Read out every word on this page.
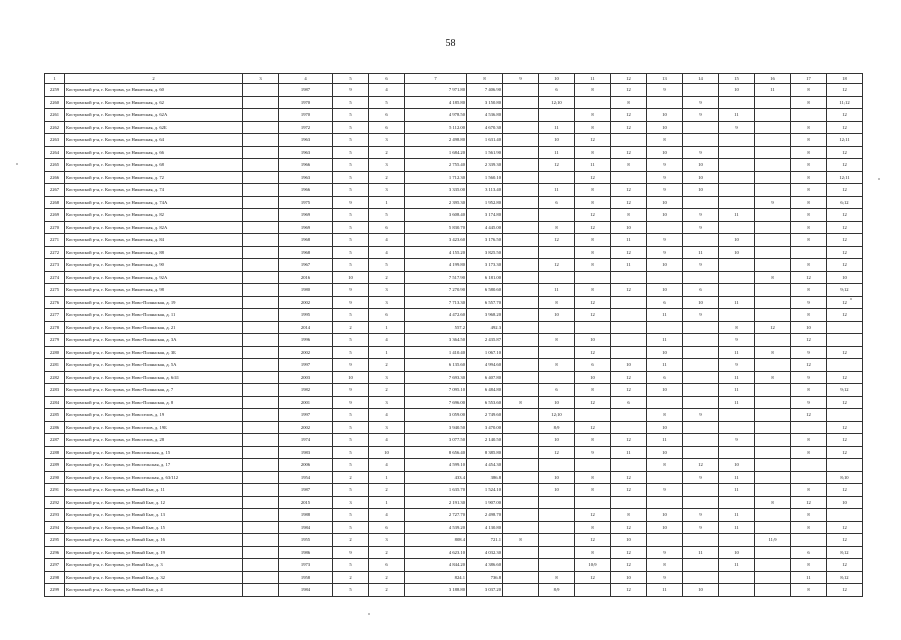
58
1	2	3	4	5	6	7	8	9	10	11	12	13	14	15	16	17	18
2259	Костромской р-н, г. Кострома, ул Никитская, д. 60		1987	9	4	7 971.80	7 406.90		6	8	12	9		10	11	8	12
2260	Костромской р-н, г. Кострома, ул Никитская, д. 62		1970	5	5	4 185.80	3 150.80		12;10		8		9			8	11;12
2261	Костромской р-н, г. Кострома, ул Никитская, д. 62А		1970	5	6	4 978.50	4 536.80			8	12	10	9	11			12
2262	Костромской р-н, г. Кострома, ул Никитская, д. 62Б		1972	5	6	5 112.00	4 670.30		11	8	12	10		9		8	12
2263	Костромской р-н, г. Кострома, ул Никитская, д. 64		1963	5	3	2 498.80	1 631.40		10	12		8				8	12;11
2264	Костромской р-н, г. Кострома, ул Никитская, д. 66		1963	5	2	1 684.20	1 561.90		11	8	12	10	9			8	12
2265	Костромской р-н, г. Кострома, ул Никитская, д. 68		1966	5	3	2 755.40	2 339.30		12	11	8	9	10			8	12
2266	Костромской р-н, г. Кострома, ул Никитская, д. 72		1963	5	2	1 712.30	1 560.10			12		9	10			8	12;11
2267	Костромской р-н, г. Кострома, ул Никитская, д. 74		1966	5	3	3 335.00	3 113.40		11	8	12	9	10			8	12
2268	Костромской р-н, г. Кострома, ул Никитская, д. 74А		1975	9	1	2 395.30	1 952.80		6	8	12	10			9	8	6;12
2269	Костромской р-н, г. Кострома, ул Никитская, д. 82		1969	5	5	3 608.40	3 174.80			12	8	10	9	11		8	12
2270	Костромской р-н, г. Кострома, ул Никитская, д. 82А		1969	5	6	5 830.70	4 445.00		8	12	10		9			8	12
2271	Костромской р-н, г. Кострома, ул Никитская, д. 84		1968	5	4	3 423.60	3 176.50		12	8	11	9		10		8	12
2272	Костромской р-н, г. Кострома, ул Никитская, д. 88		1968	5	4	4 155.20	3 825.50			8	12	9	11	10			12
2273	Костромской р-н, г. Кострома, ул Никитская, д. 90		1967	5	5	4 199.80	3 173.30		12	8	11	10	9			8	12
2274	Костромской р-н, г. Кострома, ул Никитская, д. 92А		2016	10	2	7 517.90	6 181.00								8	12	10
2275	Костромской р-н, г. Кострома, ул Никитская, д. 98		1980	9	3	7 270.90	6 580.60		11	8	12	10	6			8	9;12
2276	Костромской р-н, г. Кострома, ул Ново-Полянская, д. 19		2002	9	3	7 713.30	6 557.70		8	12		6	10	11		9	12
2277	Костромской р-н, г. Кострома, ул Ново-Полянская, д. 11		1995	5	6	4 472.60	3 968.20		10	12		11	9			8	12
2278	Костромской р-н, г. Кострома, ул Ново-Полянская, д. 21		2014	2	1	557.2	492.3							8	12	10	
2279	Костромской р-н, г. Кострома, ул Ново-Полянская, д. 3А		1996	5	4	3 364.50	2 435.87		8	10		11		9		12	
2280	Костромской р-н, г. Кострома, ул Ново-Полянская, д. 3Б		2002	5	1	1 410.40	1 067.10			12		10		11	8	9	12
2281	Костромской р-н, г. Кострома, ул Ново-Полянская, д. 5А		1997	9	2	6 135.60	4 994.60		8	6	10	11		9		12	
2282	Костромской р-н, г. Кострома, ул Ново-Полянская, д. 6/41		2003	10	3	7 693.30	6 407.80			10	12	6		11	8	9	12
2283	Костромской р-н, г. Кострома, ул Ново-Полянская, д. 7		1982	9	2	7 095.10	6 484.80		6	8	12	10		11		8	9;12
2284	Костромской р-н, г. Кострома, ул Ново-Полянская, д. 8		2001	9	3	7 696.00	6 553.60	8	10	12	6			11		9	12
2285	Костромской р-н, г. Кострома, ул Новоселов, д. 19		1997	5	4	3 059.00	2 749.60		12;10			8	9			12	
2286	Костромской р-н, г. Кострома, ул Новоселов, д. 19Б		2002	5	3	3 940.50	3 470.00		8;9	12		10					12
2287	Костромской р-н, г. Кострома, ул Новоселов, д. 28		1974	5	4	3 077.50	2 140.50		10	8	12	11		9		8	12
2288	Костромской р-н, г. Кострома, ул Новосельская, д. 15		1983	5	10	8 656.40	8 385.80		12	9	11	10				8	12
2289	Костромской р-н, г. Кострома, ул Новосельская, д. 17		2006	5	4	4 599.10	4 454.30					8	12	10			
2290	Костромской р-н, г. Кострома, ул Новосельская, д. 63/112		1954	2	1	433.4	386.8		10	8	12		9	11			8;10
2291	Костромской р-н, г. Кострома, ул Новый Быт, д. 11		1987	5	2	1 635.70	1 524.10		10	8	12	9		11		8	12
2292	Костромской р-н, г. Кострома, ул Новый Быт, д. 12		2015	3	1	2 191.30	1 907.00								8	12	10
2293	Костромской р-н, г. Кострома, ул Новый Быт, д. 13		1988	5	4	2 727.70	2 498.70			12	8	10	9	11		8	
2294	Костромской р-н, г. Кострома, ул Новый Быт, д. 15		1984	5	6	4 539.20	4 130.80			8	12	10	9	11		8	12
2295	Костромской р-н, г. Кострома, ул Новый Быт, д. 16		1955	2	3	808.4	721.1	8		12	10				11;9		12
2296	Костромской р-н, г. Кострома, ул Новый Быт, д. 19		1986	9	2	4 623.10	4 032.30			8	12	9	11	10		6	8;12
2297	Костромской р-н, г. Кострома, ул Новый Быт, д. 3		1973	5	6	4 844.20	4 386.60			10;9	12	8		11		8	12
2298	Костромской р-н, г. Кострома, ул Новый Быт, д. 32		1958	2	2	824.1	736.8		8	12	10	9				11	8;12
2299	Костромской р-н, г. Кострома, ул Новый Быт, д. 4		1984	5	2	3 188.80	3 037.20		8;9		12	11	10			8	12
